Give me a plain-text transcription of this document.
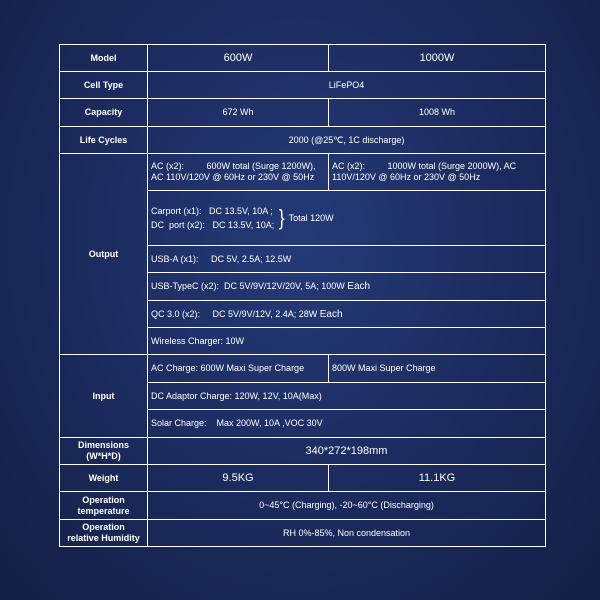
Model	600W	1000W
Cell Type	LiFePO4	
Capacity	672 Wh	1008 Wh
Life Cycles	2000 (@25℃, 1C discharge)	
Output	AC (x2):         600W total (Surge 1200W), AC 110V/120V @ 60Hz or 230V @ 50Hz	AC (x2):         1000W total (Surge 2000W), AC 110V/120V @ 60Hz or 230V @ 50Hz

	Carport (x1):   DC 13.5V, 10A ;
DC  port (x2):   DC 13.5V, 10A; } Total 120W	

	USB-A (x1):     DC 5V, 2.5A; 12.5W	
	USB-TypeC (x2):  DC 5V/9V/12V/20V, 5A; 100W Each	
	QC 3.0 (x2):     DC 5V/9V/12V, 2.4A; 28W Each	
	Wireless Charger: 10W	
Input	AC Charge: 600W Maxi Super Charge	800W Maxi Super Charge
	DC Adaptor Charge: 120W, 12V, 10A(Max)	
	Solar Charge:    Max 200W, 10A ,VOC 30V	

Dimensions
(W*H*D)	340*272*198mm	
Weight	9.5KG	11.1KG

Operation
temperature	0~45°C (Charging), -20~60°C (Discharging)	

Operation
relative Humidity	RH 0%-85%, Non condensation	
